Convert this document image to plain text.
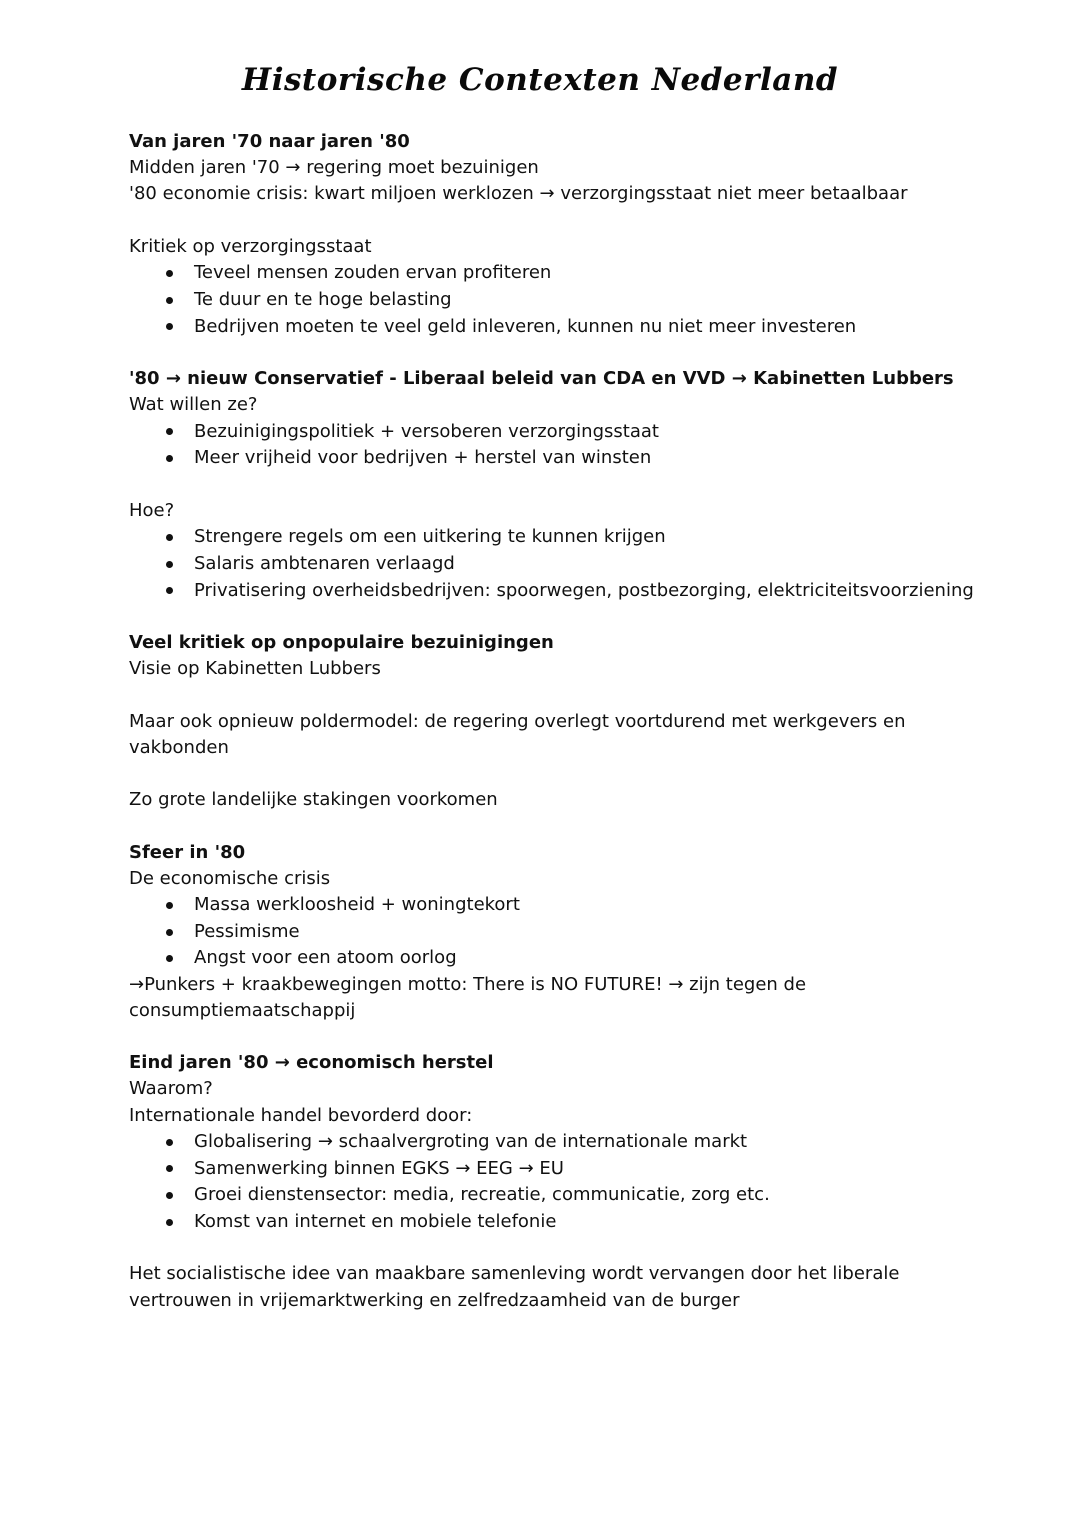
Historische Contexten Nederland

Van jaren '70 naar jaren '80

Midden jaren '70 → regering moet bezuinigen

'80 economie crisis: kwart miljoen werklozen → verzorgingsstaat niet meer betaalbaar

Kritiek op verzorgingsstaat

Teveel mensen zouden ervan profiteren
Te duur en te hoge belasting
Bedrijven moeten te veel geld inleveren, kunnen nu niet meer investeren

'80 → nieuw Conservatief - Liberaal beleid van CDA en VVD → Kabinetten Lubbers

Wat willen ze?

Bezuinigingspolitiek + versoberen verzorgingsstaat
Meer vrijheid voor bedrijven + herstel van winsten

Hoe?

Strengere regels om een uitkering te kunnen krijgen
Salaris ambtenaren verlaagd
Privatisering overheidsbedrijven: spoorwegen, postbezorging, elektriciteitsvoorziening

Veel kritiek op onpopulaire bezuinigingen

Visie op Kabinetten Lubbers

Maar ook opnieuw poldermodel: de regering overlegt voortdurend met werkgevers en vakbonden

Zo grote landelijke stakingen voorkomen

Sfeer in '80

De economische crisis

Massa werkloosheid + woningtekort
Pessimisme
Angst voor een atoom oorlog

→Punkers + kraakbewegingen motto: There is NO FUTURE! → zijn tegen de consumptiemaatschappij

Eind jaren '80 → economisch herstel

Waarom?

Internationale handel bevorderd door:

Globalisering → schaalvergroting van de internationale markt
Samenwerking binnen EGKS → EEG → EU
Groei dienstensector: media, recreatie, communicatie, zorg etc.
Komst van internet en mobiele telefonie

Het socialistische idee van maakbare samenleving wordt vervangen door het liberale vertrouwen in vrijemarktwerking en zelfredzaamheid van de burger
